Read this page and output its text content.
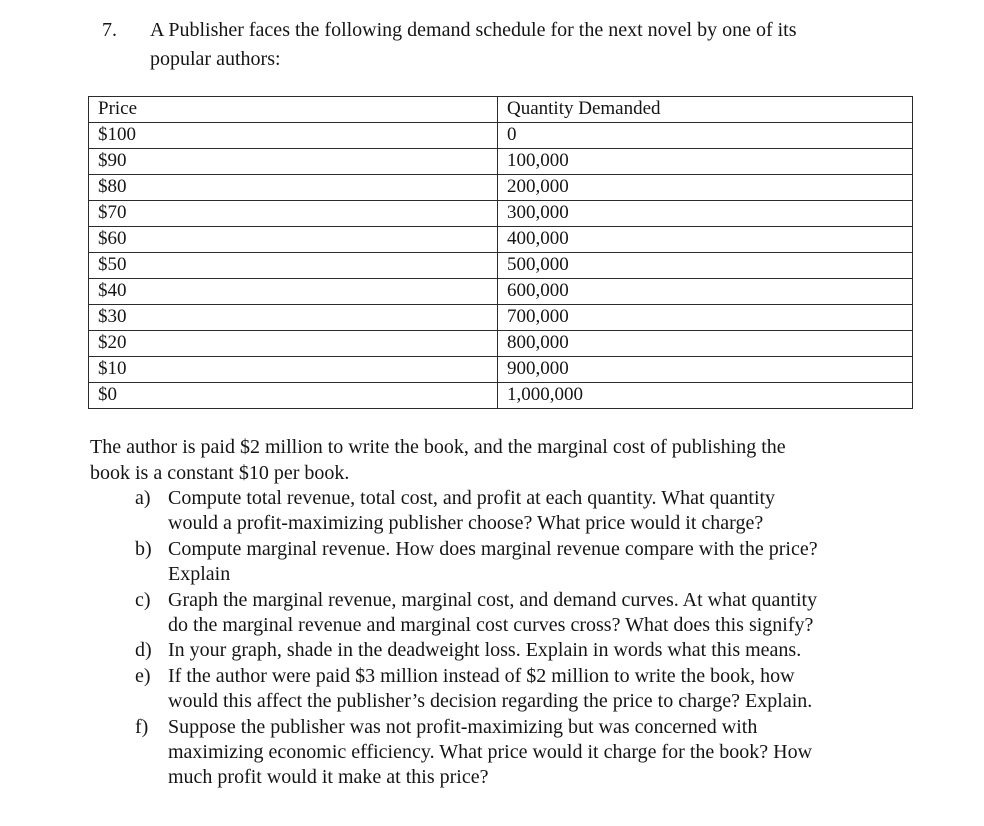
7.	A Publisher faces the following demand schedule for the next novel by one of its
popular authors:
Price	Quantity Demanded
$100	0
$90	100,000
$80	200,000
$70	300,000
$60	400,000
$50	500,000
$40	600,000
$30	700,000
$20	800,000
$10	900,000
$0	1,000,000
The author is paid $2 million to write the book, and the marginal cost of publishing the
book is a constant $10 per book.
a) Compute total revenue, total cost, and profit at each quantity. What quantity
would a profit-maximizing publisher choose? What price would it charge?
b) Compute marginal revenue. How does marginal revenue compare with the price?
Explain
c) Graph the marginal revenue, marginal cost, and demand curves. At what quantity
do the marginal revenue and marginal cost curves cross? What does this signify?
d) In your graph, shade in the deadweight loss. Explain in words what this means.
e) If the author were paid $3 million instead of $2 million to write the book, how
would this affect the publisher’s decision regarding the price to charge? Explain.
f) Suppose the publisher was not profit-maximizing but was concerned with
maximizing economic efficiency. What price would it charge for the book? How
much profit would it make at this price?
